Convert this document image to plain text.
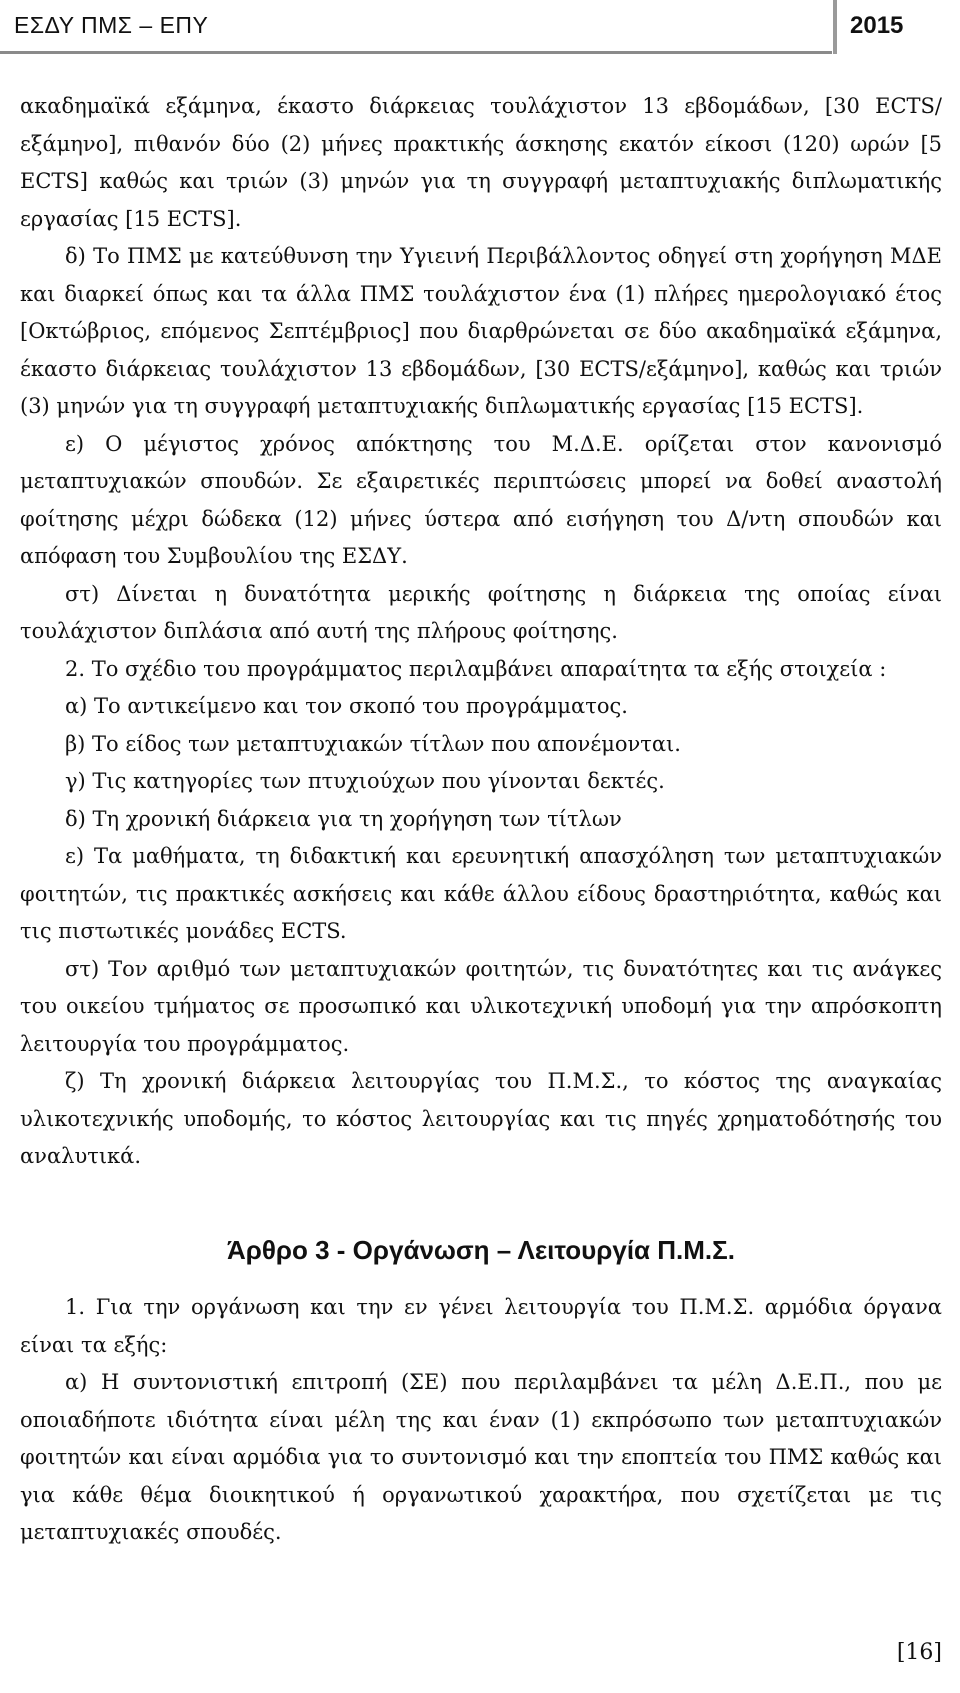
ΕΣΔΥ ΠΜΣ – ΕΠΥ	2015

ακαδημαϊκά εξάμηνα, έκαστο διάρκειας τουλάχιστον 13 εβδομάδων, [30 ECTS/εξάμηνο], πιθανόν δύο (2) μήνες πρακτικής άσκησης εκατόν είκοσι (120) ωρών [5 ECTS] καθώς και τριών (3) μηνών για τη συγγραφή μεταπτυχιακής διπλωματικής εργασίας [15 ECTS].

δ) Το ΠΜΣ με κατεύθυνση την Υγιεινή Περιβάλλοντος οδηγεί στη χορήγηση ΜΔΕ και διαρκεί όπως και τα άλλα ΠΜΣ τουλάχιστον ένα (1) πλήρες ημερολογιακό έτος [Οκτώβριος, επόμενος Σεπτέμβριος] που διαρθρώνεται σε δύο ακαδημαϊκά εξάμηνα, έκαστο διάρκειας τουλάχιστον 13 εβδομάδων, [30 ECTS/εξάμηνο], καθώς και τριών (3) μηνών για τη συγγραφή μεταπτυχιακής διπλωματικής εργασίας [15 ECTS].

ε) Ο μέγιστος χρόνος απόκτησης του Μ.Δ.Ε. ορίζεται στον κανονισμό μεταπτυχιακών σπουδών. Σε εξαιρετικές περιπτώσεις μπορεί να δοθεί αναστολή φοίτησης μέχρι δώδεκα (12) μήνες ύστερα από εισήγηση του Δ/ντη σπουδών και απόφαση του Συμβουλίου της ΕΣΔΥ.

στ) Δίνεται η δυνατότητα μερικής φοίτησης η διάρκεια της οποίας είναι τουλάχιστον διπλάσια από αυτή της πλήρους φοίτησης.

2. Το σχέδιο του προγράμματος περιλαμβάνει απαραίτητα τα εξής στοιχεία :

α) Το αντικείμενο και τον σκοπό του προγράμματος.

β) Το είδος των μεταπτυχιακών τίτλων που απονέμονται.

γ) Τις κατηγορίες των πτυχιούχων που γίνονται δεκτές.

δ) Τη χρονική διάρκεια για τη χορήγηση των τίτλων

ε) Τα μαθήματα, τη διδακτική και ερευνητική απασχόληση των μεταπτυχιακών φοιτητών, τις πρακτικές ασκήσεις και κάθε άλλου είδους δραστηριότητα, καθώς και τις πιστωτικές μονάδες ECTS.

στ) Τον αριθμό των μεταπτυχιακών φοιτητών, τις δυνατότητες και τις ανάγκες του οικείου τμήματος σε προσωπικό και υλικοτεχνική υποδομή για την απρόσκοπτη λειτουργία του προγράμματος.

ζ) Τη χρονική διάρκεια λειτουργίας του Π.Μ.Σ., το κόστος της αναγκαίας υλικοτεχνικής υποδομής, το κόστος λειτουργίας και τις πηγές χρηματοδότησής του αναλυτικά.

Άρθρο 3 - Οργάνωση – Λειτουργία Π.Μ.Σ.

1. Για την οργάνωση και την εν γένει λειτουργία του Π.Μ.Σ. αρμόδια όργανα είναι τα εξής:

α) Η συντονιστική επιτροπή (ΣΕ) που περιλαμβάνει τα μέλη Δ.Ε.Π., που με οποιαδήποτε ιδιότητα είναι μέλη της και έναν (1) εκπρόσωπο των μεταπτυχιακών φοιτητών και είναι αρμόδια για το συντονισμό και την εποπτεία του ΠΜΣ καθώς και για κάθε θέμα διοικητικού ή οργανωτικού χαρακτήρα, που σχετίζεται με τις μεταπτυχιακές σπουδές.

[16]
